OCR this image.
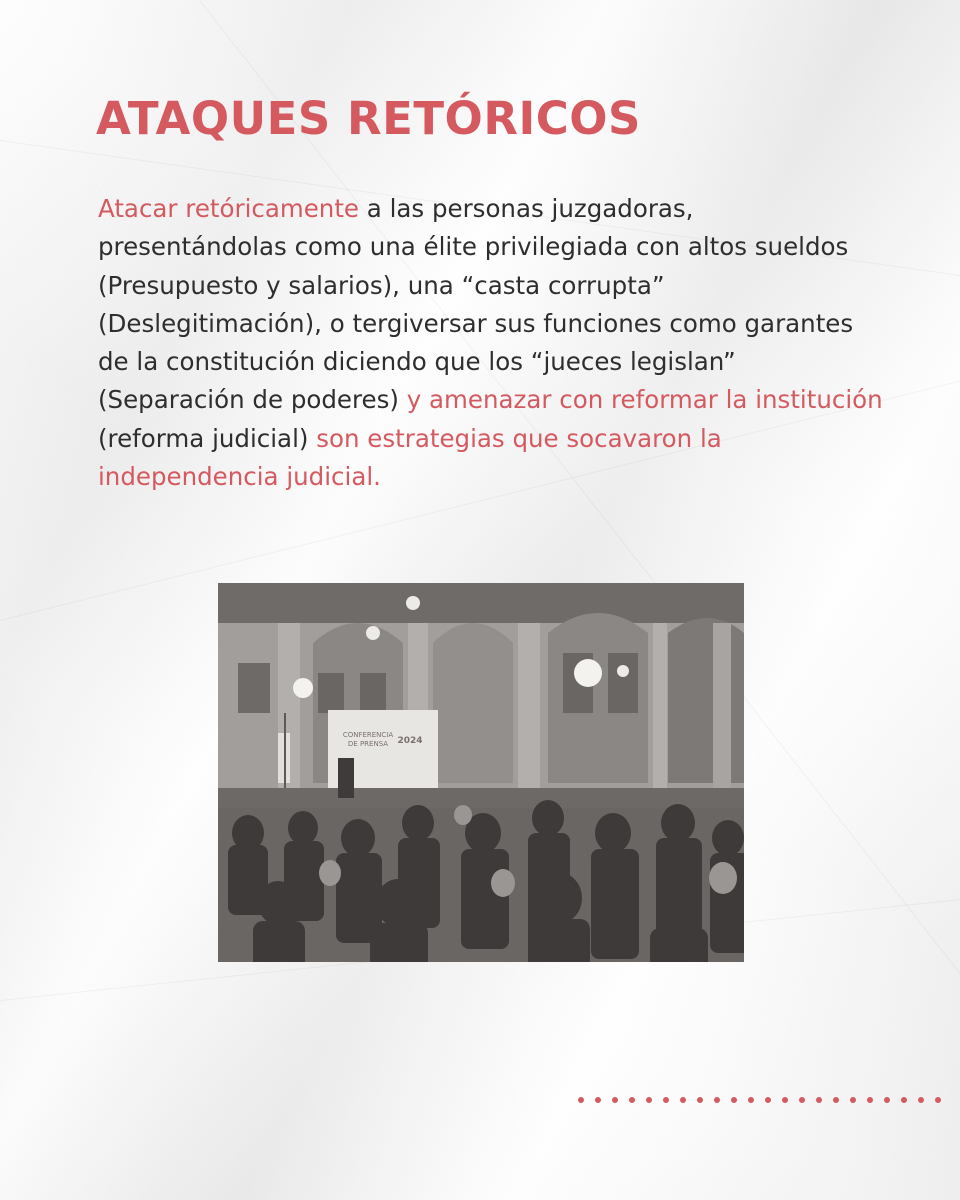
ATAQUES RETÓRICOS

Atacar retóricamente a las personas juzgadoras, presentándolas como una élite privilegiada con altos sueldos (Presupuesto y salarios), una “casta corrupta” (Deslegitimación), o tergiversar sus funciones como garantes de la constitución diciendo que los “jueces legislan” (Separación de poderes) y amenazar con reformar la institución (reforma judicial) son estrategias que socavaron la independencia judicial.

CONFERENCIA
DE PRENSA 2024
